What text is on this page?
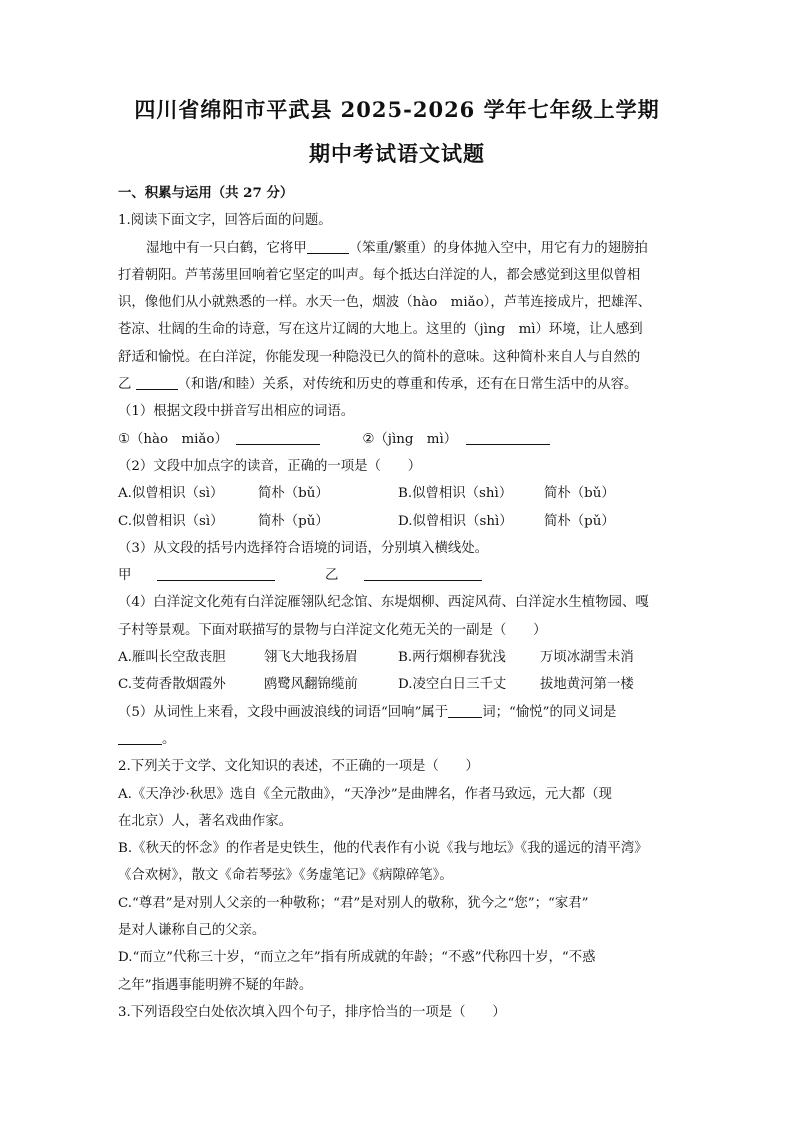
四川省绵阳市平武县 2025-2026 学年七年级上学期
期中考试语文试题
一、积累与运用（共 27 分）
1.阅读下面文字，回答后面的问题。
湿地中有一只白鹤，它将甲	（笨重/繁重）的身体抛入空中，用它有力的翅膀拍
打着朝阳。芦苇荡里回响着它坚定的叫声。每个抵达白洋淀的人，都会感觉到这里似曾相
识，像他们从小就熟悉的一样。水天一色，烟波（hào　miǎo），芦苇连接成片，把雄浑、
苍凉、壮阔的生命的诗意，写在这片辽阔的大地上。这里的（jìng　mì）环境，让人感到
舒适和愉悦。在白洋淀，你能发现一种隐没已久的简朴的意味。这种简朴来自人与自然的
乙	（和谐/和睦）关系，对传统和历史的尊重和传承，还有在日常生活中的从容。
（1）根据文段中拼音写出相应的词语。
①（hào　miǎo）	②（jìng　mì）
（2）文段中加点字的读音，正确的一项是（　　）
A.似曾相识（sì）	简朴（bǔ）	B.似曾相识（shì） 简朴（bǔ）
C.似曾相识（sì）	简朴（pǔ）	D.似曾相识（shì） 简朴（pǔ）
（3）从文段的括号内选择符合语境的词语，分别填入横线处。
甲	乙
（4）白洋淀文化苑有白洋淀雁翎队纪念馆、东堤烟柳、西淀风荷、白洋淀水生植物园、嘎
子村等景观。下面对联描写的景物与白洋淀文化苑无关的一副是（　　）
A.雁叫长空敌丧胆	翎飞大地我扬眉	B.两行烟柳春犹浅	万顷冰湖雪未消
C.芰荷香散烟霞外	鸥鹭风翻锦缆前	D.凌空白日三千丈	拔地黄河第一楼
（5）从词性上来看，文段中画波浪线的词语“回响”属于	词；“愉悦”的同义词是
。
2.下列关于文学、文化知识的表述，不正确的一项是（　　）
A.《天净沙·秋思》选自《全元散曲》，“天净沙”是曲牌名，作者马致远，元大都（现
在北京）人，著名戏曲作家。
B.《秋天的怀念》的作者是史铁生，他的代表作有小说《我与地坛》《我的遥远的清平湾》
《合欢树》，散文《命若琴弦》《务虚笔记》《病隙碎笔》。
C.“尊君”是对别人父亲的一种敬称；“君”是对别人的敬称，犹今之“您”；“家君”
是对人谦称自己的父亲。
D.“而立”代称三十岁，“而立之年”指有所成就的年龄；“不惑”代称四十岁，“不惑
之年”指遇事能明辨不疑的年龄。
3.下列语段空白处依次填入四个句子，排序恰当的一项是（　　）
